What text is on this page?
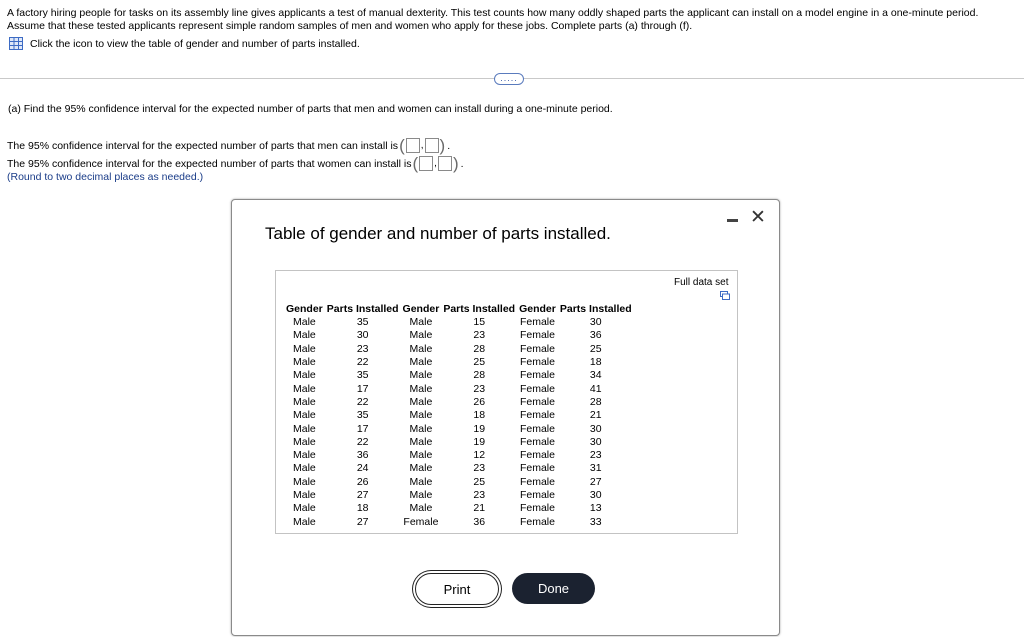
A factory hiring people for tasks on its assembly line gives applicants a test of manual dexterity. This test counts how many oddly shaped parts the applicant can install on a model engine in a one-minute period. Assume that these tested applicants represent simple random samples of men and women who apply for these jobs. Complete parts (a) through (f).
Click the icon to view the table of gender and number of parts installed.
.....
(a) Find the 95% confidence interval for the expected number of parts that men and women can install during a one-minute period.
The 95% confidence interval for the expected number of parts that men can install is ( , ) .
The 95% confidence interval for the expected number of parts that women can install is ( , ) .
(Round to two decimal places as needed.)
Table of gender and number of parts installed.
✕
Full data set
Gender	Parts Installed	Gender	Parts Installed	Gender	Parts Installed
Male	35	Male	15	Female	30
Male	30	Male	23	Female	36
Male	23	Male	28	Female	25
Male	22	Male	25	Female	18
Male	35	Male	28	Female	34
Male	17	Male	23	Female	41
Male	22	Male	26	Female	28
Male	35	Male	18	Female	21
Male	17	Male	19	Female	30
Male	22	Male	19	Female	30
Male	36	Male	12	Female	23
Male	24	Male	23	Female	31
Male	26	Male	25	Female	27
Male	27	Male	23	Female	30
Male	18	Male	21	Female	13
Male	27	Female	36	Female	33
Print	Done
